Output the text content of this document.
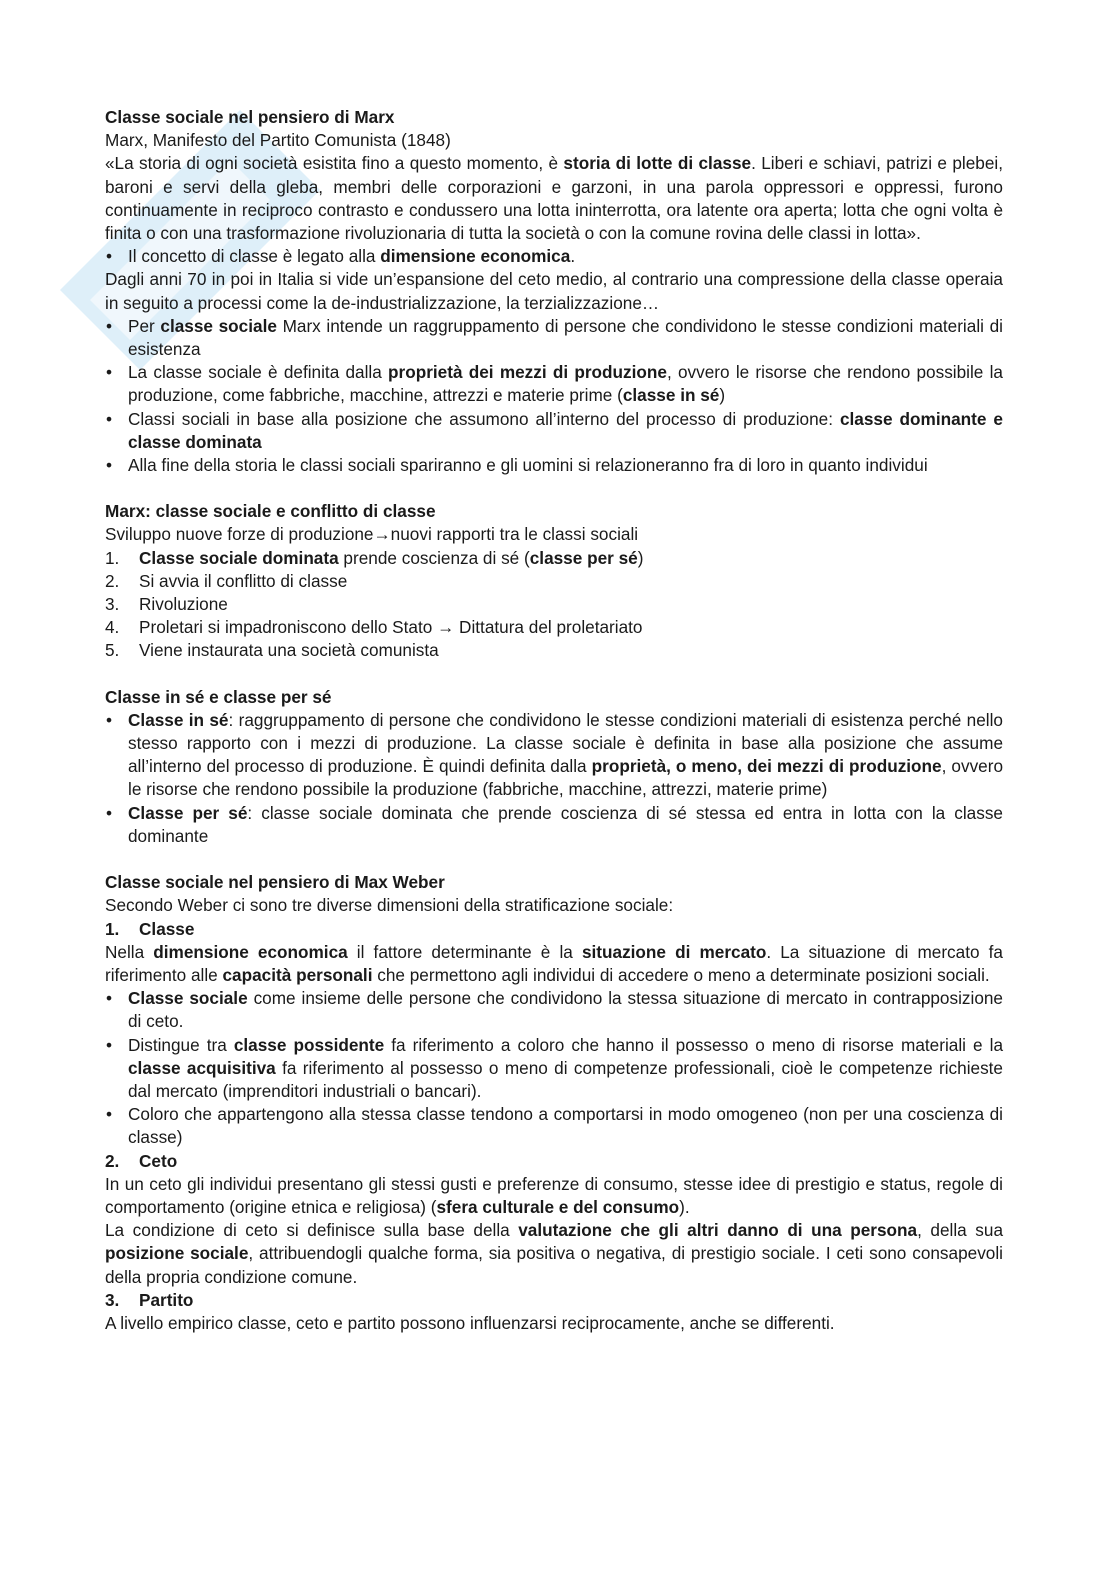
Classe sociale nel pensiero di Marx

Marx, Manifesto del Partito Comunista (1848)

«La storia di ogni società esistita fino a questo momento, è storia di lotte di classe. Liberi e schiavi, patrizi e plebei, baroni e servi della gleba, membri delle corporazioni e garzoni, in una parola oppressori e oppressi, furono continuamente in reciproco contrasto e condussero una lotta ininterrotta, ora latente ora aperta; lotta che ogni volta è finita o con una trasformazione rivoluzionaria di tutta la società o con la comune rovina delle classi in lotta».

• Il concetto di classe è legato alla dimensione economica.

Dagli anni 70 in poi in Italia si vide un’espansione del ceto medio, al contrario una compressione della classe operaia in seguito a processi come la de-industrializzazione, la terzializzazione…

• Per classe sociale Marx intende un raggruppamento di persone che condividono le stesse condizioni materiali di esistenza

• La classe sociale è definita dalla proprietà dei mezzi di produzione, ovvero le risorse che rendono possibile la produzione, come fabbriche, macchine, attrezzi e materie prime (classe in sé)

• Classi sociali in base alla posizione che assumono all’interno del processo di produzione: classe dominante e classe dominata

• Alla fine della storia le classi sociali spariranno e gli uomini si relazioneranno fra di loro in quanto individui

Marx: classe sociale e conflitto di classe

Sviluppo nuove forze di produzione→nuovi rapporti tra le classi sociali

1. Classe sociale dominata prende coscienza di sé (classe per sé)

2. Si avvia il conflitto di classe

3. Rivoluzione

4. Proletari si impadroniscono dello Stato → Dittatura del proletariato

5. Viene instaurata una società comunista

Classe in sé e classe per sé

• Classe in sé: raggruppamento di persone che condividono le stesse condizioni materiali di esistenza perché nello stesso rapporto con i mezzi di produzione. La classe sociale è definita in base alla posizione che assume all’interno del processo di produzione. È quindi definita dalla proprietà, o meno, dei mezzi di produzione, ovvero le risorse che rendono possibile la produzione (fabbriche, macchine, attrezzi, materie prime)

• Classe per sé: classe sociale dominata che prende coscienza di sé stessa ed entra in lotta con la classe dominante

Classe sociale nel pensiero di Max Weber

Secondo Weber ci sono tre diverse dimensioni della stratificazione sociale:

1. Classe

Nella dimensione economica il fattore determinante è la situazione di mercato. La situazione di mercato fa riferimento alle capacità personali che permettono agli individui di accedere o meno a determinate posizioni sociali.

• Classe sociale come insieme delle persone che condividono la stessa situazione di mercato in contrapposizione di ceto.

• Distingue tra classe possidente fa riferimento a coloro che hanno il possesso o meno di risorse materiali e la classe acquisitiva fa riferimento al possesso o meno di competenze professionali, cioè le competenze richieste dal mercato (imprenditori industriali o bancari).

• Coloro che appartengono alla stessa classe tendono a comportarsi in modo omogeneo (non per una coscienza di classe)

2. Ceto

In un ceto gli individui presentano gli stessi gusti e preferenze di consumo, stesse idee di prestigio e status, regole di comportamento (origine etnica e religiosa) (sfera culturale e del consumo).

La condizione di ceto si definisce sulla base della valutazione che gli altri danno di una persona, della sua posizione sociale, attribuendogli qualche forma, sia positiva o negativa, di prestigio sociale. I ceti sono consapevoli della propria condizione comune.

3. Partito

A livello empirico classe, ceto e partito possono influenzarsi reciprocamente, anche se differenti.
